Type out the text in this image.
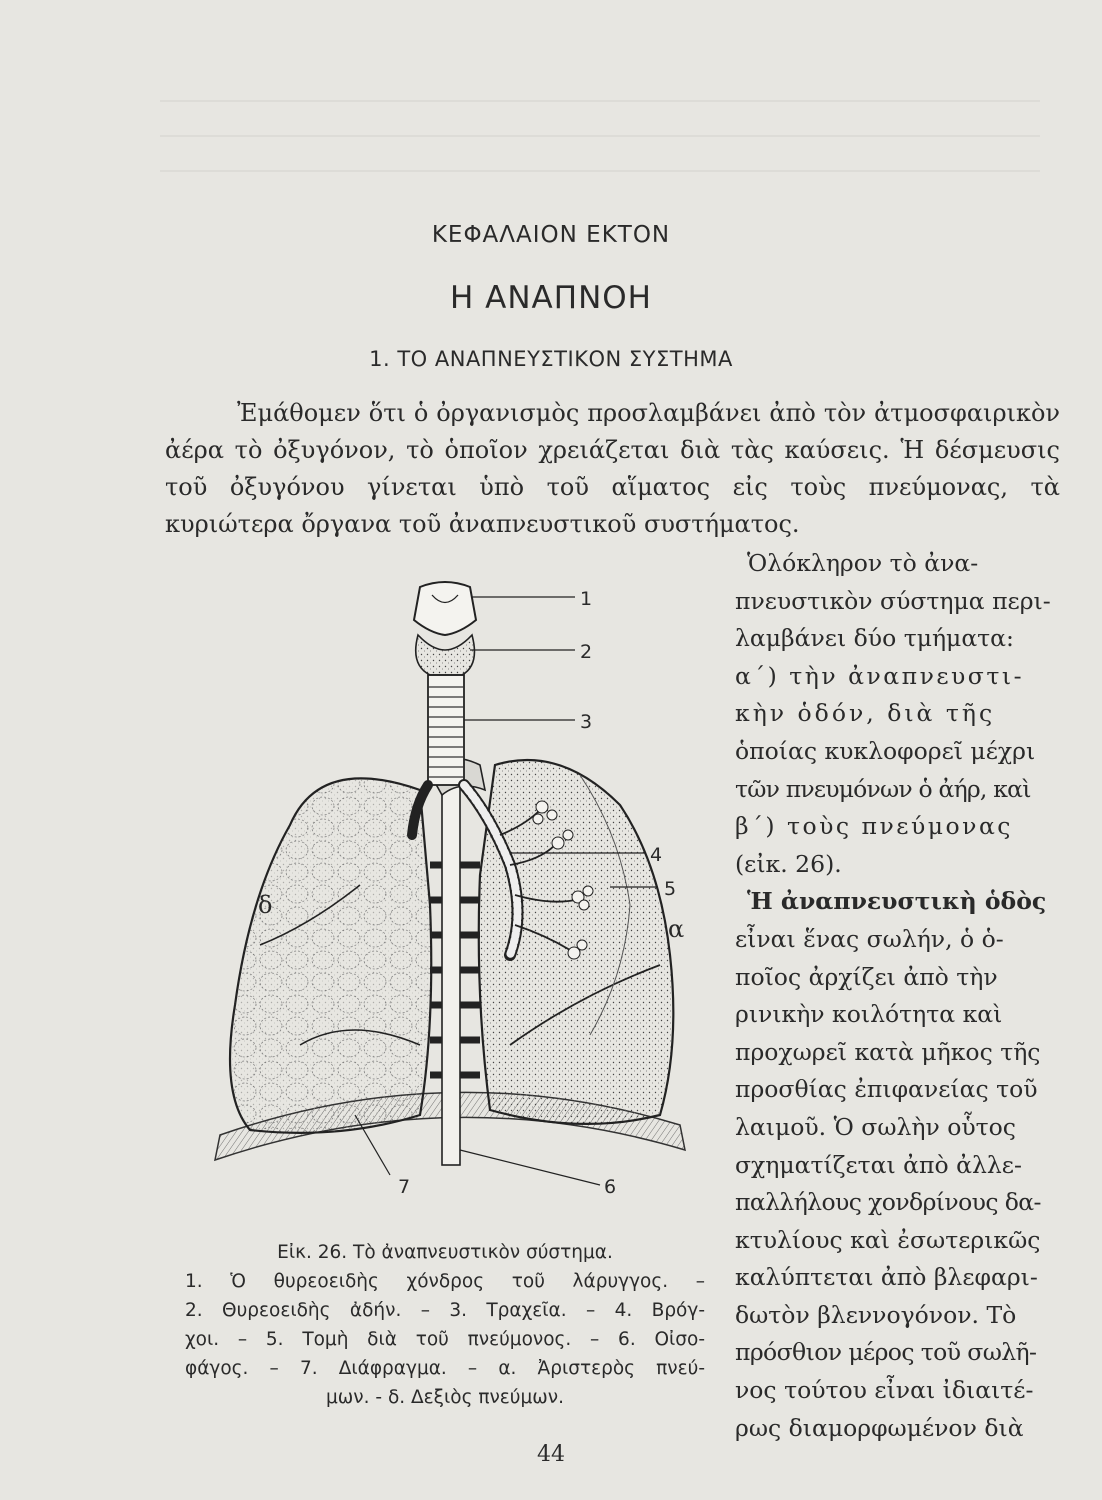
ΚΕΦΑΛΑΙΟΝ ΕΚΤΟΝ
Η ΑΝΑΠΝΟΗ
1. ΤΟ ΑΝΑΠΝΕΥΣΤΙΚΟΝ ΣΥΣΤΗΜΑ

Ἐμάθομεν ὅτι ὁ ὀργανισμὸς προσλαμβάνει ἀπὸ τὸν ἀτμοσφαιρικὸν ἀέρα τὸ ὀξυγόνον, τὸ ὁποῖον χρειάζεται διὰ τὰς καύσεις. Ἡ δέσμευσις τοῦ ὀξυγόνου γίνεται ὑπὸ τοῦ αἵματος εἰς τοὺς πνεύμονας, τὰ κυριώτερα ὄργανα τοῦ ἀναπνευστικοῦ συστήματος.

Ὁλόκληρον τὸ ἀνα-
πνευστικὸν σύστημα περι-
λαμβάνει δύο τμήματα:
α΄) τὴν ἀναπνευστι-
κὴν ὁδόν, διὰ τῆς
ὁποίας κυκλοφορεῖ μέχρι
τῶν πνευμόνων ὁ ἀήρ, καὶ
β΄) τοὺς πνεύμονας
(εἰκ. 26).
Ἡ ἀναπνευστικὴ ὁδὸς
εἶναι ἕνας σωλήν, ὁ ὁ-
ποῖος ἀρχίζει ἀπὸ τὴν
ρινικὴν κοιλότητα καὶ
προχωρεῖ κατὰ μῆκος τῆς
προσθίας ἐπιφανείας τοῦ
λαιμοῦ. Ὁ σωλὴν οὗτος
σχηματίζεται ἀπὸ ἀλλε-
παλλήλους χονδρίνους δα-
κτυλίους καὶ ἐσωτερικῶς
καλύπτεται ἀπὸ βλεφαρι-
δωτὸν βλεννογόνον. Τὸ
πρόσθιον μέρος τοῦ σωλῆ-
νος τούτου εἶναι ἰδιαιτέ-
ρως διαμορφωμένον διὰ
1
2
3
4
5
6
7
α
δ
Εἰκ. 26. Τὸ ἀναπνευστικὸν σύστημα.
1. Ὁ θυρεοειδὴς χόνδρος τοῦ λάρυγγος. –
2. Θυρεοειδὴς ἀδήν. – 3. Τραχεῖα. – 4. Βρόγ-
χοι. – 5. Τομὴ διὰ τοῦ πνεύμονος. – 6. Οἰσο-
φάγος. – 7. Διάφραγμα. – α. Ἀριστερὸς πνεύ-
μων. - δ. Δεξιὸς πνεύμων.
44
